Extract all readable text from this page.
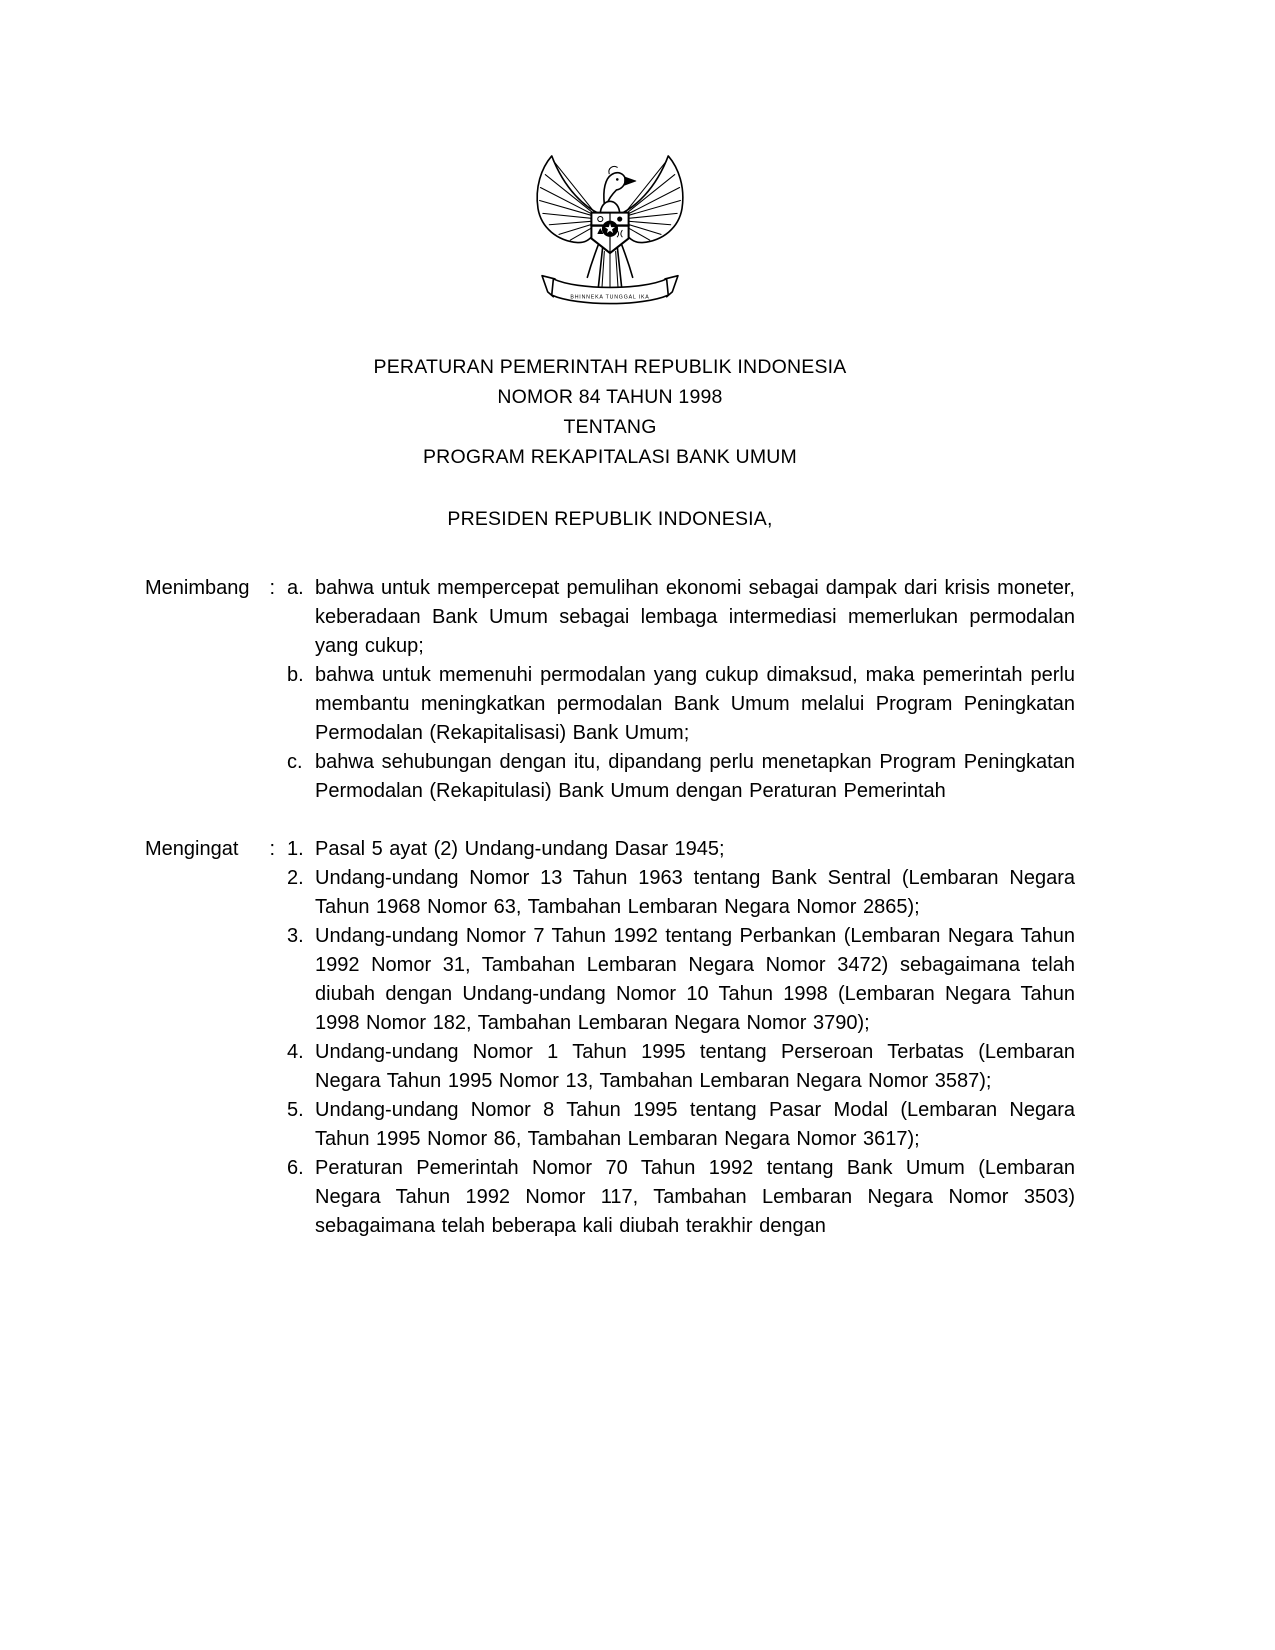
BHINNEKA TUNGGAL IKA
PERATURAN PEMERINTAH REPUBLIK INDONESIA
NOMOR 84 TAHUN 1998
TENTANG
PROGRAM REKAPITALASI BANK UMUM
PRESIDEN REPUBLIK INDONESIA,
Menimbang : a. bahwa untuk mempercepat pemulihan ekonomi sebagai dampak dari krisis moneter, keberadaan Bank Umum sebagai lembaga intermediasi memerlukan permodalan yang cukup;
b. bahwa untuk memenuhi permodalan yang cukup dimaksud, maka pemerintah perlu membantu meningkatkan permodalan Bank Umum melalui Program Peningkatan Permodalan (Rekapitalisasi) Bank Umum;
c. bahwa sehubungan dengan itu, dipandang perlu menetapkan Program Peningkatan Permodalan (Rekapitulasi) Bank Umum dengan Peraturan Pemerintah
Mengingat : 1. Pasal 5 ayat (2) Undang-undang Dasar 1945;
2. Undang-undang Nomor 13 Tahun 1963 tentang Bank Sentral (Lembaran Negara Tahun 1968 Nomor 63, Tambahan Lembaran Negara Nomor 2865);
3. Undang-undang Nomor 7 Tahun 1992 tentang Perbankan (Lembaran Negara Tahun 1992 Nomor 31, Tambahan Lembaran Negara Nomor 3472) sebagaimana telah diubah dengan Undang-undang Nomor 10 Tahun 1998 (Lembaran Negara Tahun 1998 Nomor 182, Tambahan Lembaran Negara Nomor 3790);
4. Undang-undang Nomor 1 Tahun 1995 tentang Perseroan Terbatas (Lembaran Negara Tahun 1995 Nomor 13, Tambahan Lembaran Negara Nomor 3587);
5. Undang-undang Nomor 8 Tahun 1995 tentang Pasar Modal (Lembaran Negara Tahun 1995 Nomor 86, Tambahan Lembaran Negara Nomor 3617);
6. Peraturan Pemerintah Nomor 70 Tahun 1992 tentang Bank Umum (Lembaran Negara Tahun 1992 Nomor 117, Tambahan Lembaran Negara Nomor 3503) sebagaimana telah beberapa kali diubah terakhir dengan
